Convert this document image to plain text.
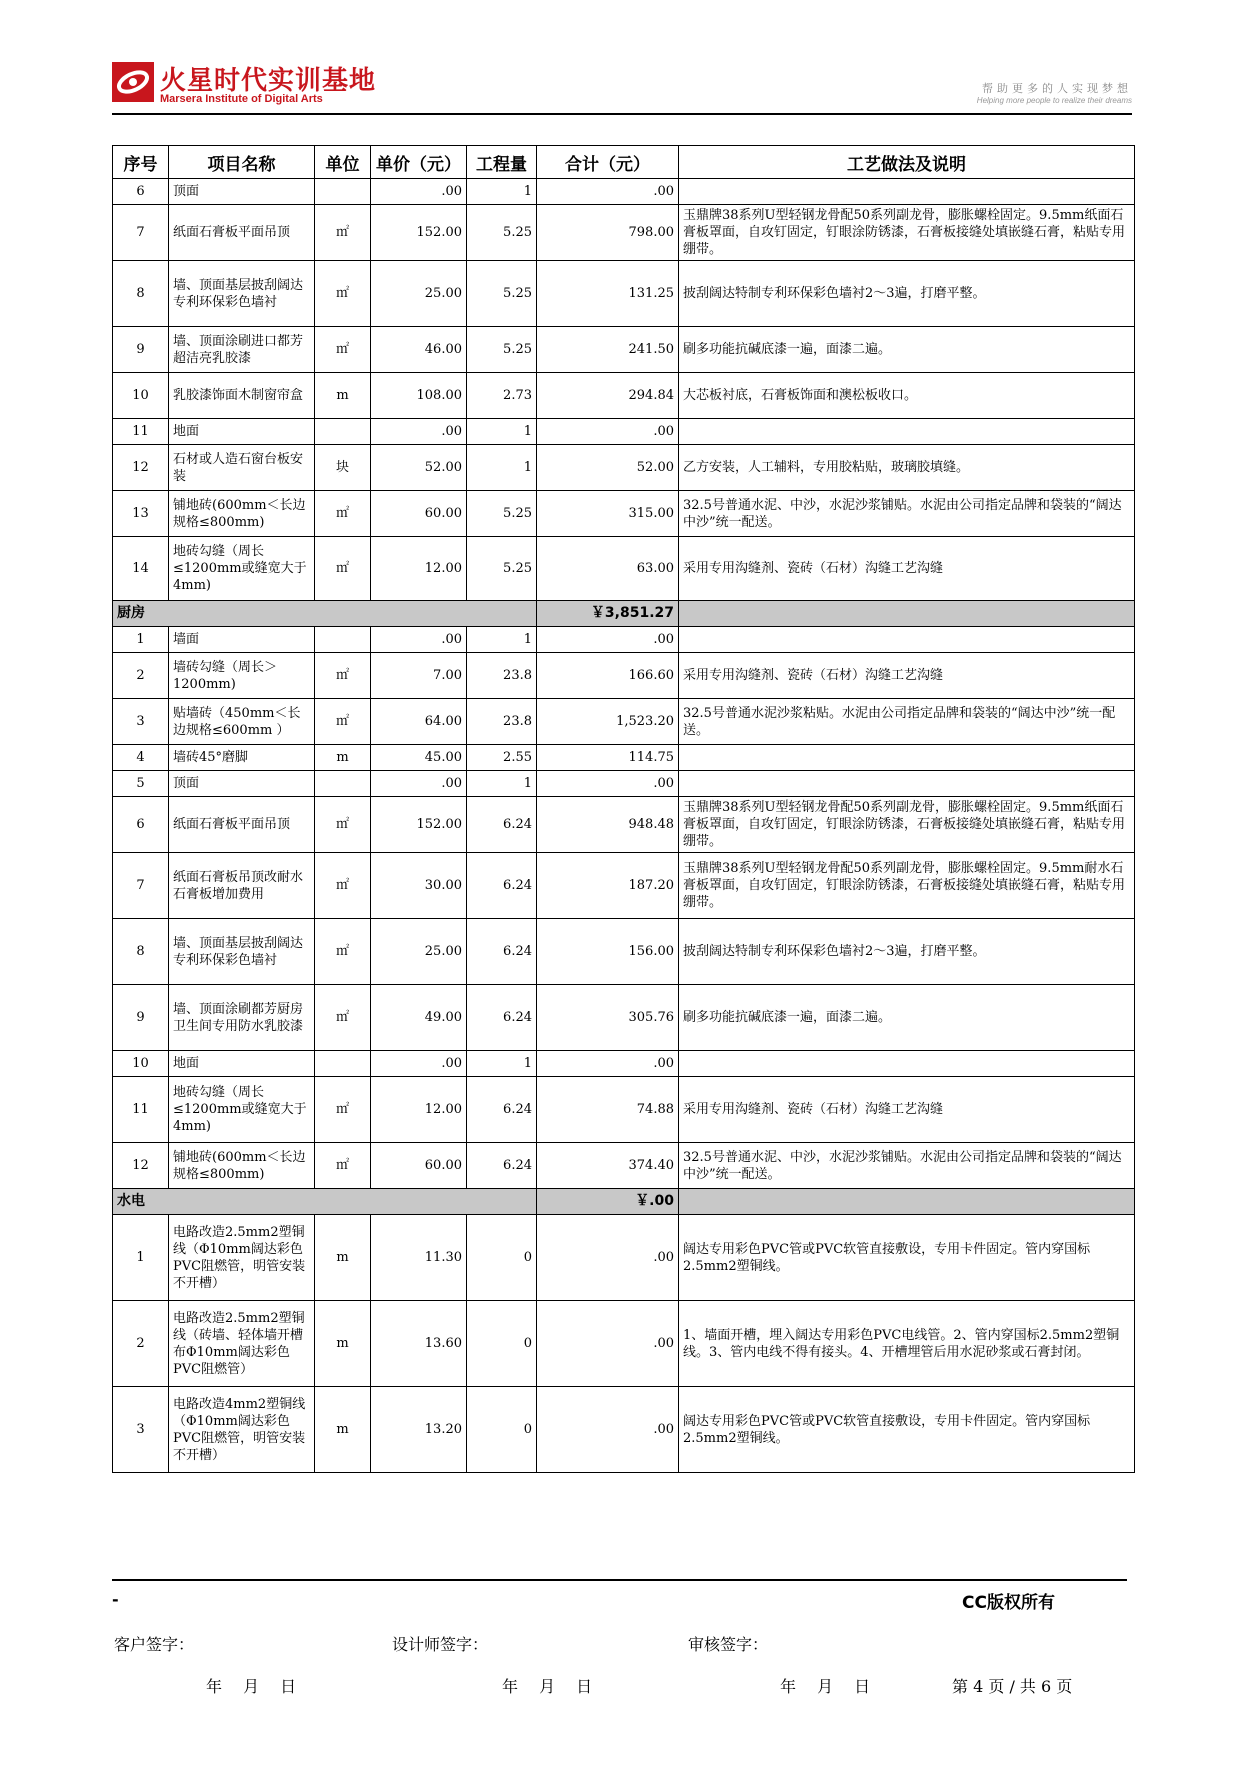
火星时代实训基地
Marsera Institute of Digital Arts
帮助更多的人实现梦想
Helping more people to realize their dreams
序号	项目名称	单位	单价（元）	工程量	合计（元）	工艺做法及说明
6	顶面		.00	1	.00	
7	纸面石膏板平面吊顶	㎡	152.00	5.25	798.00	玉鼎牌38系列U型轻钢龙骨配50系列副龙骨，膨胀螺栓固定。9.5mm纸面石膏板罩面，自攻钉固定，钉眼涂防锈漆，石膏板接缝处填嵌缝石膏，粘贴专用绷带。
8	墙、顶面基层披刮阔达专利环保彩色墙衬	㎡	25.00	5.25	131.25	披刮阔达特制专利环保彩色墙衬2～3遍，打磨平整。
9	墙、顶面涂刷进口都芳超洁亮乳胶漆	㎡	46.00	5.25	241.50	刷多功能抗碱底漆一遍，面漆二遍。
10	乳胶漆饰面木制窗帘盒	m	108.00	2.73	294.84	大芯板衬底，石膏板饰面和澳松板收口。
11	地面		.00	1	.00	
12	石材或人造石窗台板安装	块	52.00	1	52.00	乙方安装，人工辅料，专用胶粘贴，玻璃胶填缝。
13	铺地砖(600mm＜长边规格≤800mm)	㎡	60.00	5.25	315.00	32.5号普通水泥、中沙，水泥沙浆铺贴。水泥由公司指定品牌和袋装的“阔达中沙”统一配送。
14	地砖勾缝（周长≤1200mm或缝宽大于4mm)	㎡	12.00	5.25	63.00	采用专用沟缝剂、瓷砖（石材）沟缝工艺沟缝
厨房					￥3,851.27	
1	墙面		.00	1	.00	
2	墙砖勾缝（周长＞1200mm)	㎡	7.00	23.8	166.60	采用专用沟缝剂、瓷砖（石材）沟缝工艺沟缝
3	贴墙砖（450mm＜长边规格≤600mm ）	㎡	64.00	23.8	1,523.20	32.5号普通水泥沙浆粘贴。水泥由公司指定品牌和袋装的“阔达中沙”统一配送。
4	墙砖45°磨脚	m	45.00	2.55	114.75	
5	顶面		.00	1	.00	
6	纸面石膏板平面吊顶	㎡	152.00	6.24	948.48	玉鼎牌38系列U型轻钢龙骨配50系列副龙骨，膨胀螺栓固定。9.5mm纸面石膏板罩面，自攻钉固定，钉眼涂防锈漆，石膏板接缝处填嵌缝石膏，粘贴专用绷带。
7	纸面石膏板吊顶改耐水石膏板增加费用	㎡	30.00	6.24	187.20	玉鼎牌38系列U型轻钢龙骨配50系列副龙骨，膨胀螺栓固定。9.5mm耐水石膏板罩面，自攻钉固定，钉眼涂防锈漆，石膏板接缝处填嵌缝石膏，粘贴专用绷带。
8	墙、顶面基层披刮阔达专利环保彩色墙衬	㎡	25.00	6.24	156.00	披刮阔达特制专利环保彩色墙衬2～3遍，打磨平整。
9	墙、顶面涂刷都芳厨房卫生间专用防水乳胶漆	㎡	49.00	6.24	305.76	刷多功能抗碱底漆一遍，面漆二遍。
10	地面		.00	1	.00	
11	地砖勾缝（周长≤1200mm或缝宽大于4mm)	㎡	12.00	6.24	74.88	采用专用沟缝剂、瓷砖（石材）沟缝工艺沟缝
12	铺地砖(600mm＜长边规格≤800mm)	㎡	60.00	6.24	374.40	32.5号普通水泥、中沙，水泥沙浆铺贴。水泥由公司指定品牌和袋装的“阔达中沙”统一配送。
水电					￥.00	
1	电路改造2.5mm2塑铜线（Φ10mm阔达彩色PVC阻燃管，明管安装不开槽）	m	11.30	0	.00	阔达专用彩色PVC管或PVC软管直接敷设，专用卡件固定。管内穿国标2.5mm2塑铜线。
2	电路改造2.5mm2塑铜线（砖墙、轻体墙开槽布Φ10mm阔达彩色PVC阻燃管）	m	13.60	0	.00	1、墙面开槽，埋入阔达专用彩色PVC电线管。2、管内穿国标2.5mm2塑铜线。3、管内电线不得有接头。4、开槽埋管后用水泥砂浆或石膏封闭。
3	电路改造4mm2塑铜线（Φ10mm阔达彩色PVC阻燃管，明管安装不开槽）	m	13.20	0	.00	阔达专用彩色PVC管或PVC软管直接敷设，专用卡件固定。管内穿国标2.5mm2塑铜线。
-	CC版权所有
客户签字：	设计师签字：	审核签字：
年 　月　 日	年 　月　 日	年 　月　 日	第 4 页 / 共 6 页
